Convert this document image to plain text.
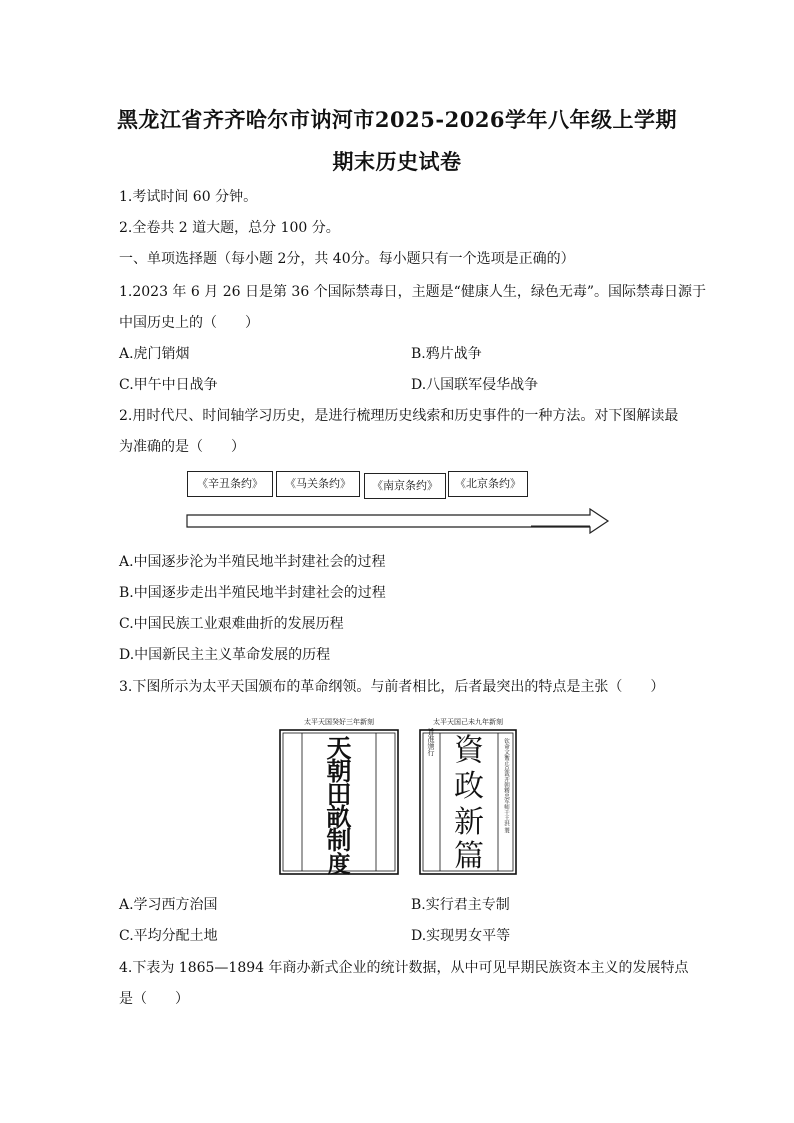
黑龙江省齐齐哈尔市讷河市2025-2026学年八年级上学期
期末历史试卷
1.考试时间 60 分钟。
2.全卷共 2 道大题，总分 100 分。
一、单项选择题（每小题 2分，共 40分。每小题只有一个选项是正确的）
1.2023 年 6 月 26 日是第 36 个国际禁毒日，主题是“健康人生，绿色无毒”。国际禁毒日源于
中国历史上的（　　）
A.虎门销烟	B.鸦片战争
C.甲午中日战争	D.八国联军侵华战争
2.用时代尺、时间轴学习历史，是进行梳理历史线索和历史事件的一种方法。对下图解读最
为准确的是（　　）
《辛丑条约》	《马关条约》	《南京条约》	《北京条约》
A.中国逐步沦为半殖民地半封建社会的过程
B.中国逐步走出半殖民地半封建社会的过程
C.中国民族工业艰难曲折的发展历程
D.中国新民主主义革命发展的历程
3.下图所示为太平天国颁布的革命纲领。与前者相比，后者最突出的特点是主张（　　）
太平天国癸好三年新刻
天
朝
田
畝
制
度
太平天国己未九年新刻
旨准颁行	钦命文衡正总裁开朝精忠军师干王洪 製
資
政
新
篇
A.学习西方治国	B.实行君主专制
C.平均分配土地	D.实现男女平等
4.下表为 1865—1894 年商办新式企业的统计数据，从中可见早期民族资本主义的发展特点
是（　　）
